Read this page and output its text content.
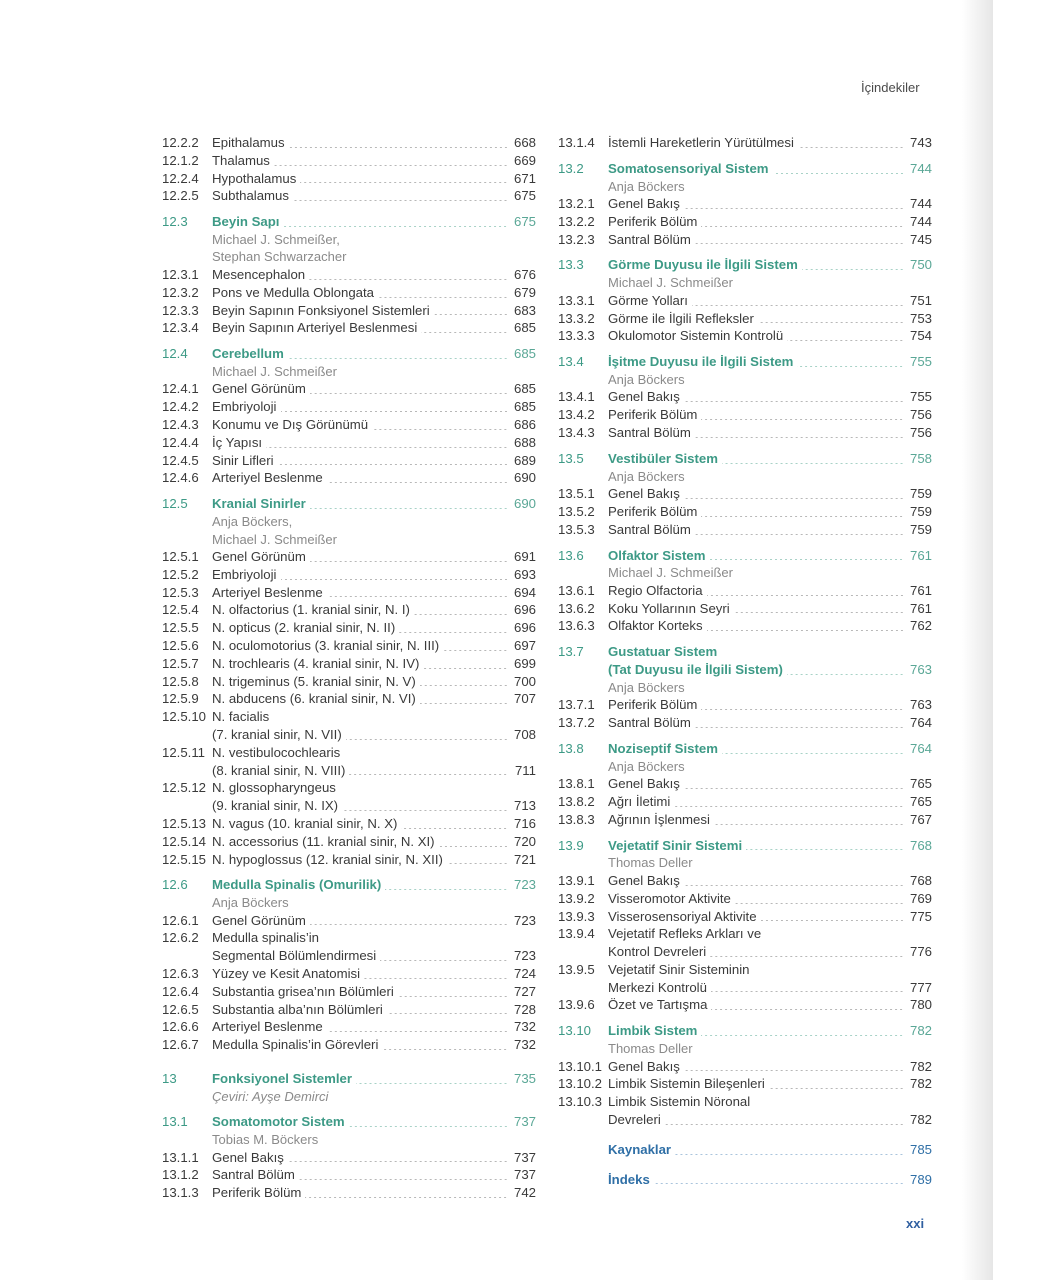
İçindekiler
12.2.2	Epithalamus	668
12.1.2	Thalamus	669
12.2.4	Hypothalamus	671
12.2.5	Subthalamus	675
12.3	Beyin Sapı	675
Michael J. Schmeißer,
Stephan Schwarzacher
12.3.1	Mesencephalon	676
12.3.2	Pons ve Medulla Oblongata	679
12.3.3	Beyin Sapının Fonksiyonel Sistemleri	683
12.3.4	Beyin Sapının Arteriyel Beslenmesi	685
12.4	Cerebellum	685
Michael J. Schmeißer
12.4.1	Genel Görünüm	685
12.4.2	Embriyoloji	685
12.4.3	Konumu ve Dış Görünümü	686
12.4.4	İç Yapısı	688
12.4.5	Sinir Lifleri	689
12.4.6	Arteriyel Beslenme	690
12.5	Kranial Sinirler	690
Anja Böckers,
Michael J. Schmeißer
12.5.1	Genel Görünüm	691
12.5.2	Embriyoloji	693
12.5.3	Arteriyel Beslenme	694
12.5.4	N. olfactorius (1. kranial sinir, N. I)	696
12.5.5	N. opticus (2. kranial sinir, N. II)	696
12.5.6	N. oculomotorius (3. kranial sinir, N. III)	697
12.5.7	N. trochlearis (4. kranial sinir, N. IV)	699
12.5.8	N. trigeminus (5. kranial sinir, N. V)	700
12.5.9	N. abducens (6. kranial sinir, N. VI)	707
12.5.10 N. facialis
(7. kranial sinir, N. VII)	708
12.5.11 N. vestibulocochlearis
(8. kranial sinir, N. VIII)	711
12.5.12 N. glossopharyngeus
(9. kranial sinir, N. IX)	713
12.5.13 N. vagus (10. kranial sinir, N. X)	716
12.5.14 N. accessorius (11. kranial sinir, N. XI)	720
12.5.15 N. hypoglossus (12. kranial sinir, N. XII)	721
12.6	Medulla Spinalis (Omurilik)	723
Anja Böckers
12.6.1	Genel Görünüm	723
12.6.2	Medulla spinalis’in
Segmental Bölümlendirmesi	723
12.6.3	Yüzey ve Kesit Anatomisi	724
12.6.4	Substantia grisea’nın Bölümleri	727
12.6.5	Substantia alba’nın Bölümleri	728
12.6.6	Arteriyel Beslenme	732
12.6.7	Medulla Spinalis’in Görevleri	732
13	Fonksiyonel Sistemler	735
Çeviri: Ayşe Demirci
13.1	Somatomotor Sistem	737
Tobias M. Böckers
13.1.1	Genel Bakış	737
13.1.2	Santral Bölüm	737
13.1.3	Periferik Bölüm	742
13.1.4	İstemli Hareketlerin Yürütülmesi	743
13.2	Somatosensoriyal Sistem	744
Anja Böckers
13.2.1	Genel Bakış	744
13.2.2	Periferik Bölüm	744
13.2.3	Santral Bölüm	745
13.3	Görme Duyusu ile İlgili Sistem	750
Michael J. Schmeißer
13.3.1	Görme Yolları	751
13.3.2	Görme ile İlgili Refleksler	753
13.3.3	Okulomotor Sistemin Kontrolü	754
13.4	İşitme Duyusu ile İlgili Sistem	755
Anja Böckers
13.4.1	Genel Bakış	755
13.4.2	Periferik Bölüm	756
13.4.3	Santral Bölüm	756
13.5	Vestibüler Sistem	758
Anja Böckers
13.5.1	Genel Bakış	759
13.5.2	Periferik Bölüm	759
13.5.3	Santral Bölüm	759
13.6	Olfaktor Sistem	761
Michael J. Schmeißer
13.6.1	Regio Olfactoria	761
13.6.2	Koku Yollarının Seyri	761
13.6.3	Olfaktor Korteks	762
13.7	Gustatuar Sistem
(Tat Duyusu ile İlgili Sistem)	763
Anja Böckers
13.7.1	Periferik Bölüm	763
13.7.2	Santral Bölüm	764
13.8	Noziseptif Sistem	764
Anja Böckers
13.8.1	Genel Bakış	765
13.8.2	Ağrı İletimi	765
13.8.3	Ağrının İşlenmesi	767
13.9	Vejetatif Sinir Sistemi	768
Thomas Deller
13.9.1	Genel Bakış	768
13.9.2	Visseromotor Aktivite	769
13.9.3	Visserosensoriyal Aktivite	775
13.9.4	Vejetatif Refleks Arkları ve
Kontrol Devreleri	776
13.9.5	Vejetatif Sinir Sisteminin
Merkezi Kontrolü	777
13.9.6	Özet ve Tartışma	780
13.10	Limbik Sistem	782
Thomas Deller
13.10.1 Genel Bakış	782
13.10.2 Limbik Sistemin Bileşenleri	782
13.10.3 Limbik Sistemin Nöronal
Devreleri	782
Kaynaklar	785
İndeks	789
xxi
